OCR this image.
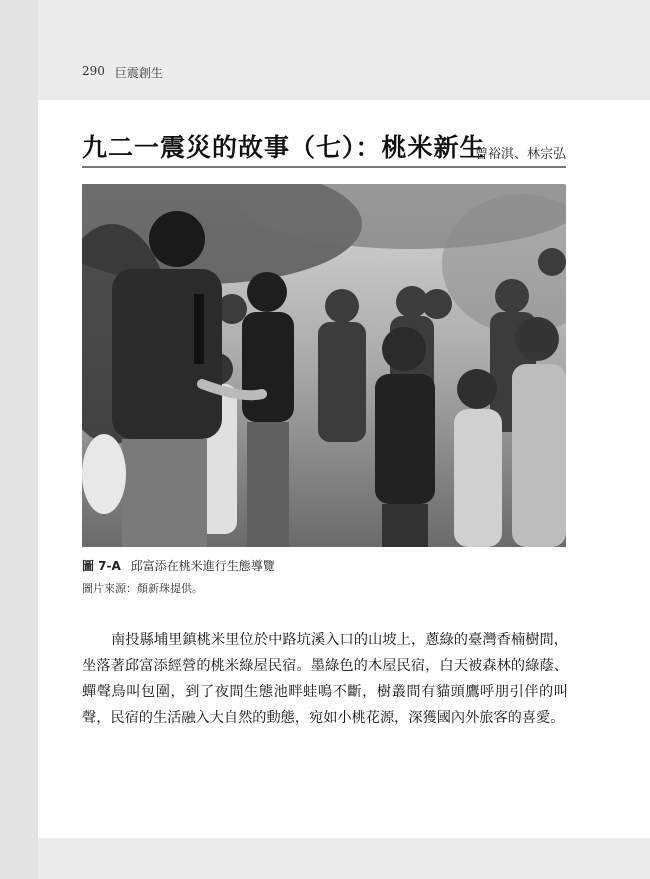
290 巨震創生
九二一震災的故事（七）：桃米新生
曾裕淇、林宗弘
圖 7-A 邱富添在桃米進行生態導覽
圖片來源：顏新珠提供。
南投縣埔里鎮桃米里位於中路坑溪入口的山坡上，蔥綠的臺灣香楠樹間，坐落著邱富添經營的桃米綠屋民宿。墨綠色的木屋民宿，白天被森林的綠蔭、蟬聲鳥叫包圍，到了夜間生態池畔蛙鳴不斷，樹叢間有貓頭鷹呼朋引伴的叫聲，民宿的生活融入大自然的動態，宛如小桃花源，深獲國內外旅客的喜愛。
